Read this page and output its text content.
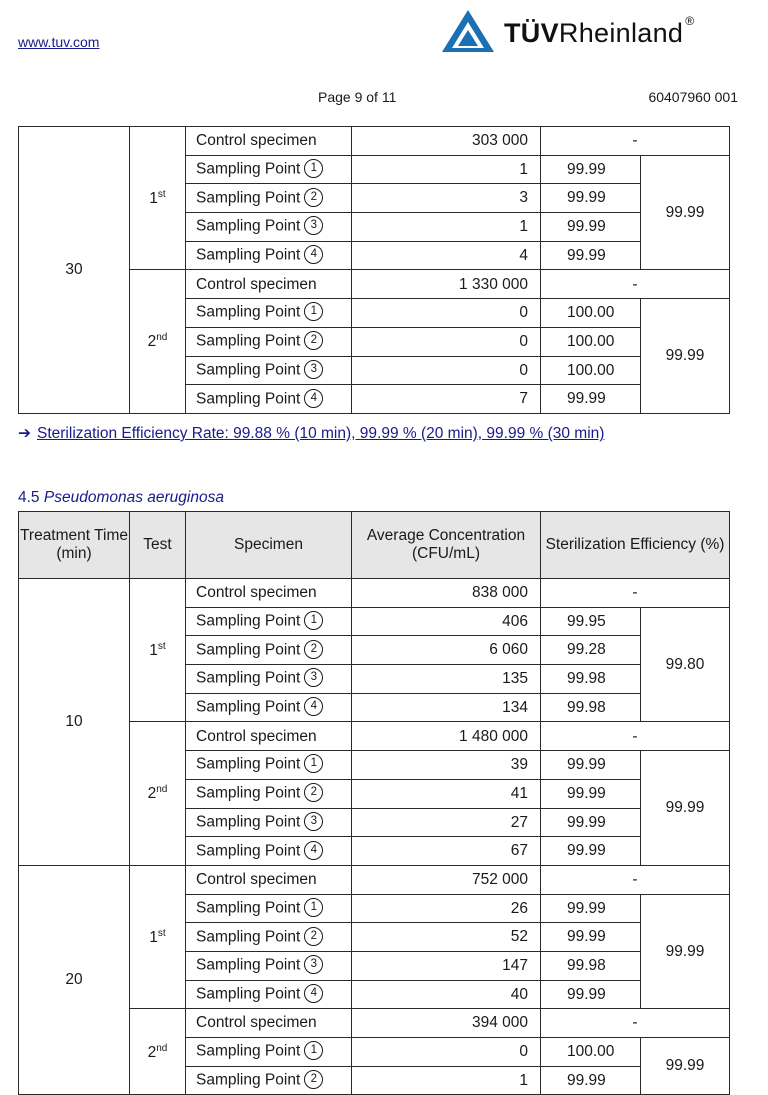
www.tuv.com	TÜVRheinland ®
Page 9 of 11	60407960 001
30	1st	Control specimen	303 000	-	
		Sampling Point 1	1	99.99	99.99
		Sampling Point 2	3	99.99	
		Sampling Point 3	1	99.99	
		Sampling Point 4	4	99.99	
	2nd	Control specimen	1 330 000	-	
		Sampling Point 1	0	100.00	99.99
		Sampling Point 2	0	100.00	
		Sampling Point 3	0	100.00	
		Sampling Point 4	7	99.99	
➔ Sterilization Efficiency Rate: 99.88 % (10 min), 99.99 % (20 min), 99.99 % (30 min)
4.5 Pseudomonas aeruginosa
Treatment Time (min)	Test	Specimen	Average Concentration (CFU/mL)	Sterilization Efficiency (%)	
10	1st	Control specimen	838 000	-	
		Sampling Point 1	406	99.95	99.80
		Sampling Point 2	6 060	99.28	
		Sampling Point 3	135	99.98	
		Sampling Point 4	134	99.98	
	2nd	Control specimen	1 480 000	-	
		Sampling Point 1	39	99.99	99.99
		Sampling Point 2	41	99.99	
		Sampling Point 3	27	99.99	
		Sampling Point 4	67	99.99	
20	1st	Control specimen	752 000	-	
		Sampling Point 1	26	99.99	99.99
		Sampling Point 2	52	99.99	
		Sampling Point 3	147	99.98	
		Sampling Point 4	40	99.99	
	2nd	Control specimen	394 000	-	
		Sampling Point 1	0	100.00	99.99
		Sampling Point 2	1	99.99	
